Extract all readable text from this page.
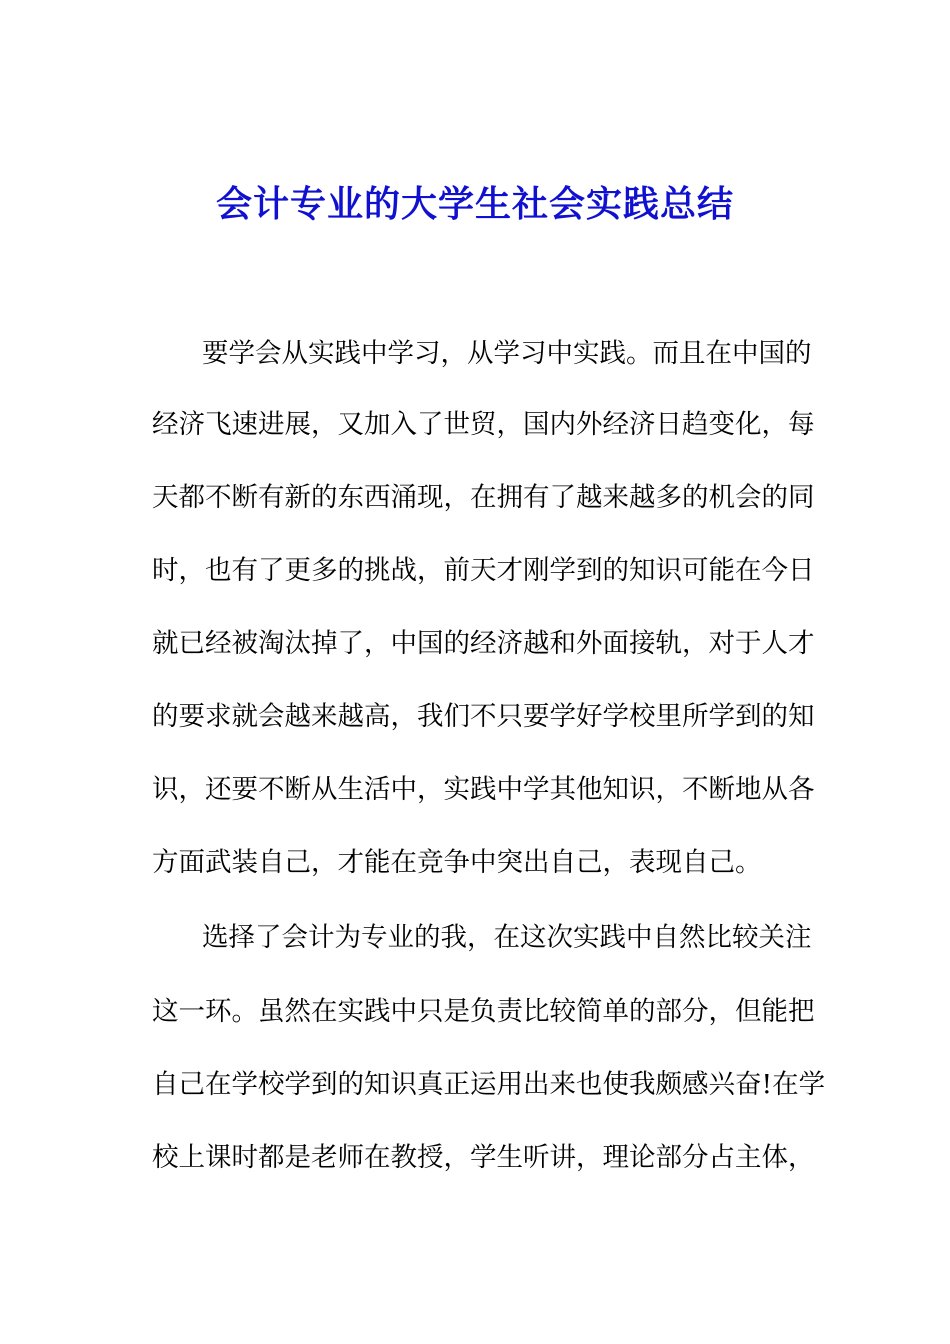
会计专业的大学生社会实践总结

要学会从实践中学习，从学习中实践。而且在中国的

经济飞速进展，又加入了世贸，国内外经济日趋变化，每

天都不断有新的东西涌现，在拥有了越来越多的机会的同

时，也有了更多的挑战，前天才刚学到的知识可能在今日

就已经被淘汰掉了，中国的经济越和外面接轨，对于人才

的要求就会越来越高，我们不只要学好学校里所学到的知

识，还要不断从生活中，实践中学其他知识，不断地从各

方面武装自己，才能在竞争中突出自己，表现自己。

选择了会计为专业的我，在这次实践中自然比较关注

这一环。虽然在实践中只是负责比较简单的部分，但能把

自己在学校学到的知识真正运用出来也使我颇感兴奋!在学

校上课时都是老师在教授，学生听讲，理论部分占主体，
